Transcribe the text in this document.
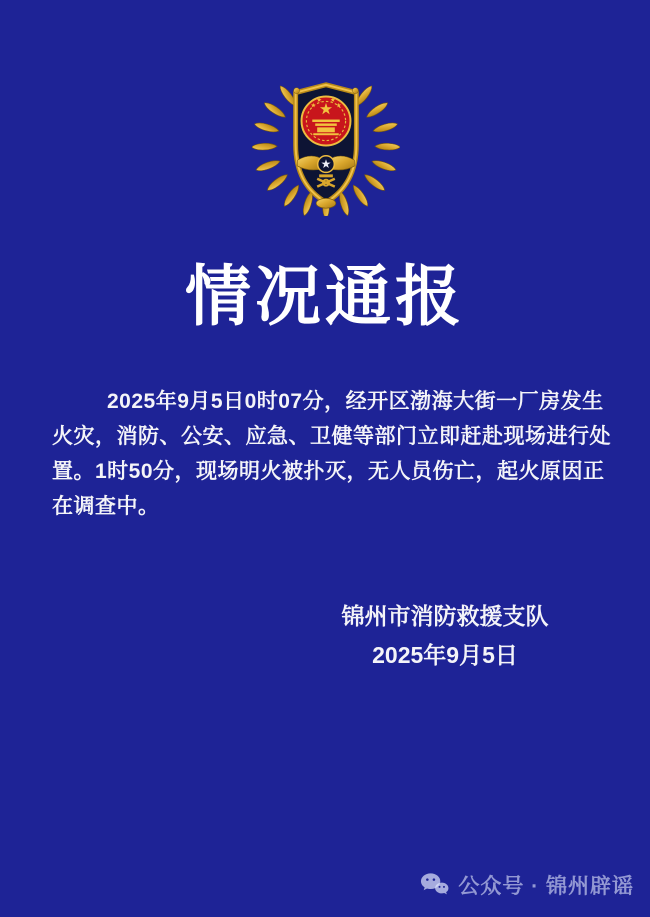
情况通报
2025年9月5日0时07分，经开区渤海大街一厂房发生
火灾，消防、公安、应急、卫健等部门立即赶赴现场进行处
置。1时50分，现场明火被扑灭，无人员伤亡，起火原因正
在调查中。
锦州市消防救援支队
2025年9月5日
公众号 · 锦州辟谣
